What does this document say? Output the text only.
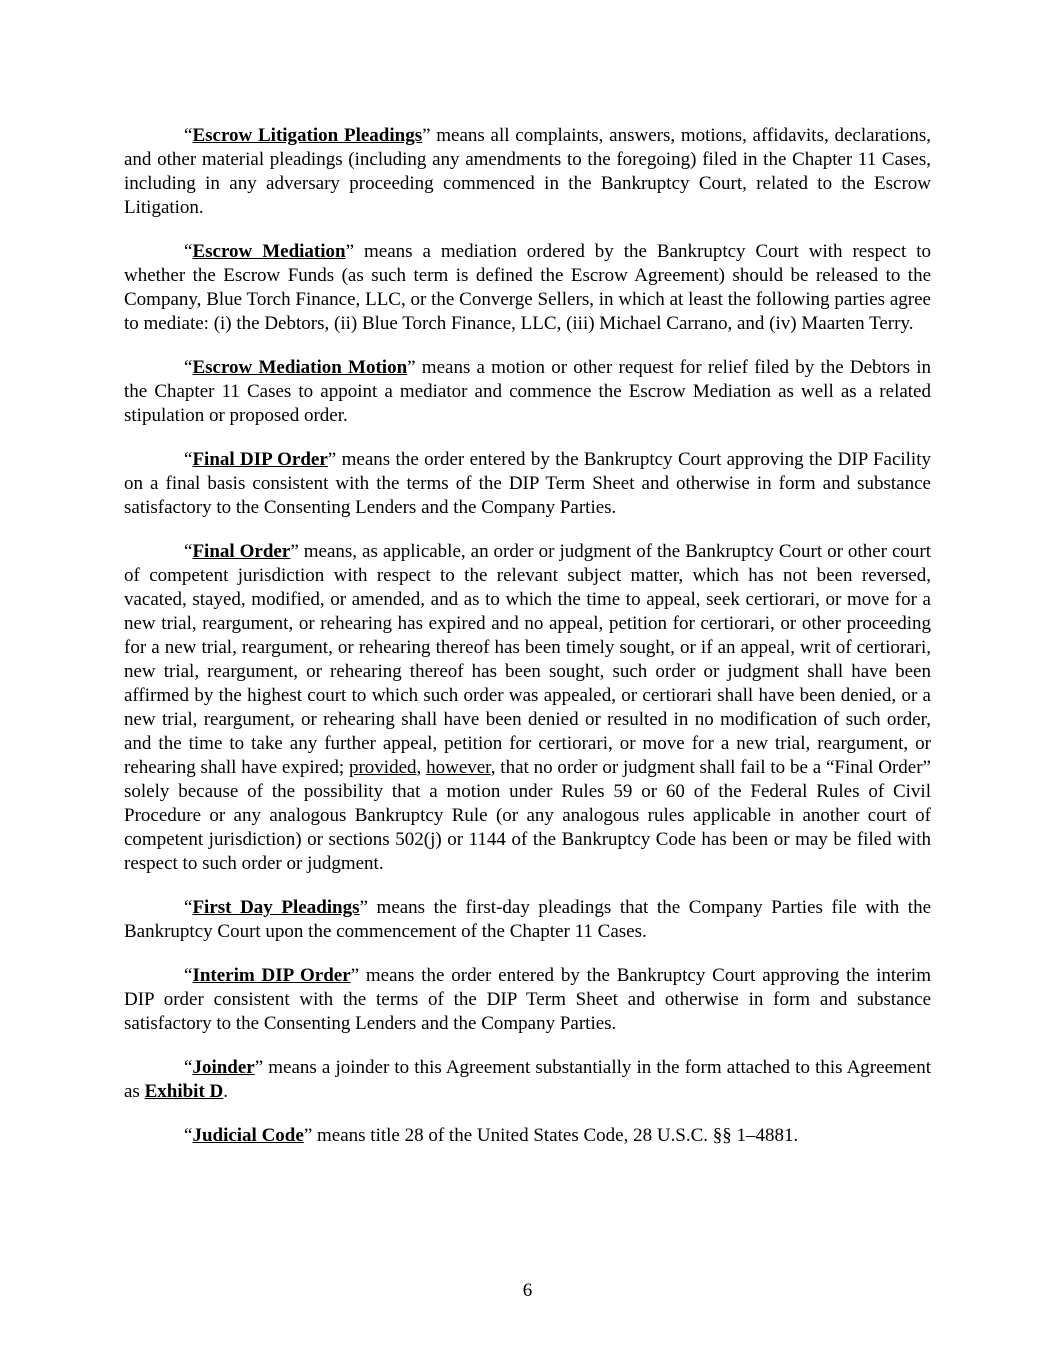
“Escrow Litigation Pleadings” means all complaints, answers, motions, affidavits, declarations, and other material pleadings (including any amendments to the foregoing) filed in the Chapter 11 Cases, including in any adversary proceeding commenced in the Bankruptcy Court, related to the Escrow Litigation.

“Escrow Mediation” means a mediation ordered by the Bankruptcy Court with respect to whether the Escrow Funds (as such term is defined the Escrow Agreement) should be released to the Company, Blue Torch Finance, LLC, or the Converge Sellers, in which at least the following parties agree to mediate: (i) the Debtors, (ii) Blue Torch Finance, LLC, (iii) Michael Carrano, and (iv) Maarten Terry.

“Escrow Mediation Motion” means a motion or other request for relief filed by the Debtors in the Chapter 11 Cases to appoint a mediator and commence the Escrow Mediation as well as a related stipulation or proposed order.

“Final DIP Order” means the order entered by the Bankruptcy Court approving the DIP Facility on a final basis consistent with the terms of the DIP Term Sheet and otherwise in form and substance satisfactory to the Consenting Lenders and the Company Parties.

“Final Order” means, as applicable, an order or judgment of the Bankruptcy Court or other court of competent jurisdiction with respect to the relevant subject matter, which has not been reversed, vacated, stayed, modified, or amended, and as to which the time to appeal, seek certiorari, or move for a new trial, reargument, or rehearing has expired and no appeal, petition for certiorari, or other proceeding for a new trial, reargument, or rehearing thereof has been timely sought, or if an appeal, writ of certiorari, new trial, reargument, or rehearing thereof has been sought, such order or judgment shall have been affirmed by the highest court to which such order was appealed, or certiorari shall have been denied, or a new trial, reargument, or rehearing shall have been denied or resulted in no modification of such order, and the time to take any further appeal, petition for certiorari, or move for a new trial, reargument, or rehearing shall have expired; provided, however, that no order or judgment shall fail to be a “Final Order” solely because of the possibility that a motion under Rules 59 or 60 of the Federal Rules of Civil Procedure or any analogous Bankruptcy Rule (or any analogous rules applicable in another court of competent jurisdiction) or sections 502(j) or 1144 of the Bankruptcy Code has been or may be filed with respect to such order or judgment.

“First Day Pleadings” means the first-day pleadings that the Company Parties file with the Bankruptcy Court upon the commencement of the Chapter 11 Cases.

“Interim DIP Order” means the order entered by the Bankruptcy Court approving the interim DIP order consistent with the terms of the DIP Term Sheet and otherwise in form and substance satisfactory to the Consenting Lenders and the Company Parties.

“Joinder” means a joinder to this Agreement substantially in the form attached to this Agreement as Exhibit D.

“Judicial Code” means title 28 of the United States Code, 28 U.S.C. §§ 1–4881.

6
